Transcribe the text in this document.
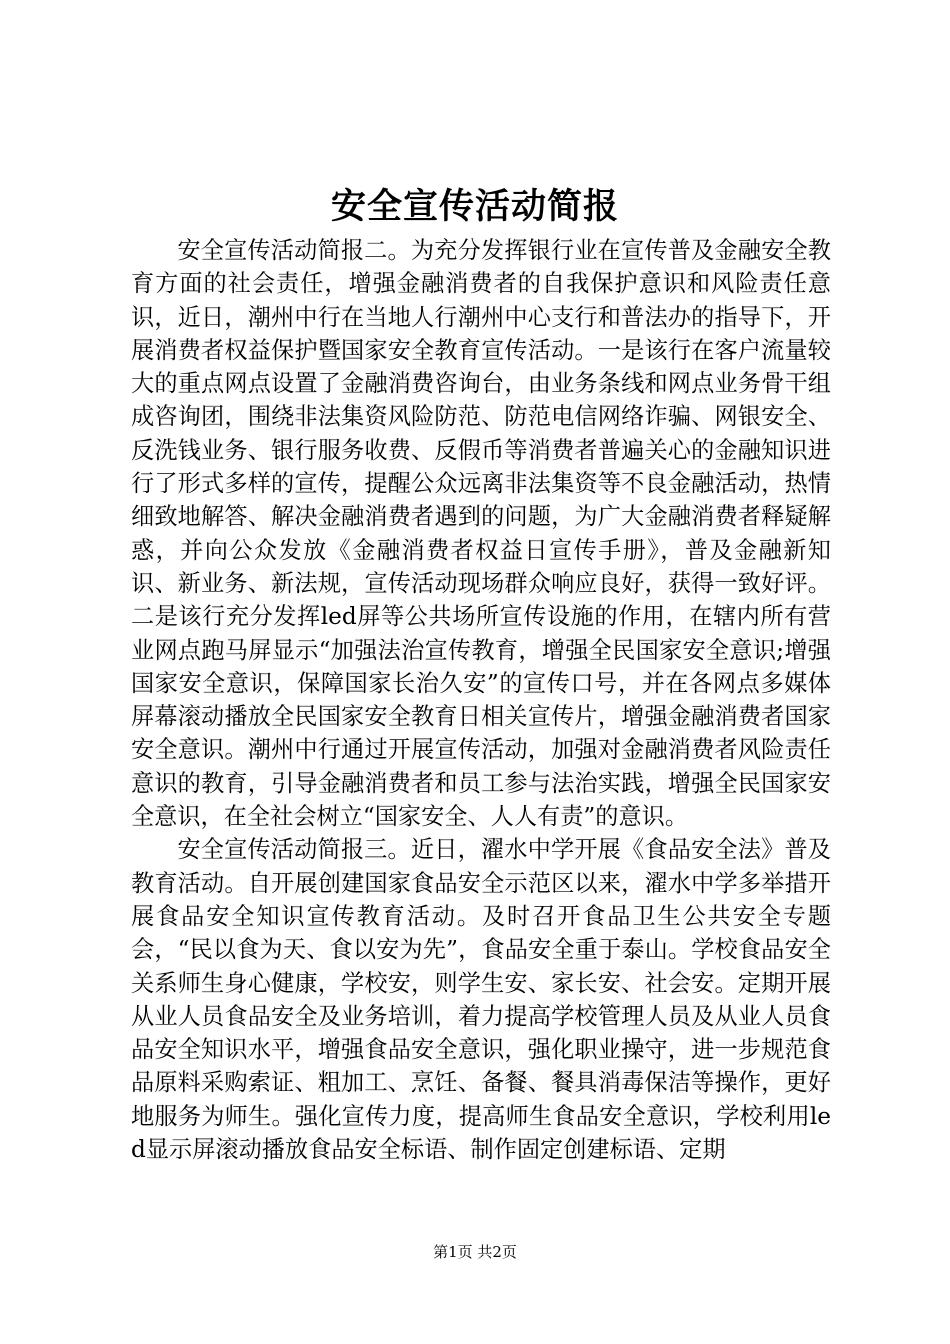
安全宣传活动简报

安全宣传活动简报二。为充分发挥银行业在宣传普及金融安全教育方面的社会责任，增强金融消费者的自我保护意识和风险责任意识，近日，潮州中行在当地人行潮州中心支行和普法办的指导下，开展消费者权益保护暨国家安全教育宣传活动。一是该行在客户流量较大的重点网点设置了金融消费咨询台，由业务条线和网点业务骨干组成咨询团，围绕非法集资风险防范、防范电信网络诈骗、网银安全、反洗钱业务、银行服务收费、反假币等消费者普遍关心的金融知识进行了形式多样的宣传，提醒公众远离非法集资等不良金融活动，热情细致地解答、解决金融消费者遇到的问题，为广大金融消费者释疑解惑，并向公众发放《金融消费者权益日宣传手册》，普及金融新知识、新业务、新法规，宣传活动现场群众响应良好，获得一致好评。二是该行充分发挥led屏等公共场所宣传设施的作用，在辖内所有营业网点跑马屏显示“加强法治宣传教育，增强全民国家安全意识;增强国家安全意识，保障国家长治久安”的宣传口号，并在各网点多媒体屏幕滚动播放全民国家安全教育日相关宣传片，增强金融消费者国家安全意识。潮州中行通过开展宣传活动，加强对金融消费者风险责任意识的教育，引导金融消费者和员工参与法治实践，增强全民国家安全意识，在全社会树立“国家安全、人人有责”的意识。

安全宣传活动简报三。近日，濯水中学开展《食品安全法》普及教育活动。自开展创建国家食品安全示范区以来，濯水中学多举措开展食品安全知识宣传教育活动。及时召开食品卫生公共安全专题会，“民以食为天、食以安为先”，食品安全重于泰山。学校食品安全关系师生身心健康，学校安，则学生安、家长安、社会安。定期开展从业人员食品安全及业务培训，着力提高学校管理人员及从业人员食品安全知识水平，增强食品安全意识，强化职业操守，进一步规范食品原料采购索证、粗加工、烹饪、备餐、餐具消毒保洁等操作，更好地服务为师生。强化宣传力度，提高师生食品安全意识，学校利用led显示屏滚动播放食品安全标语、制作固定创建标语、定期

第1页 共2页
